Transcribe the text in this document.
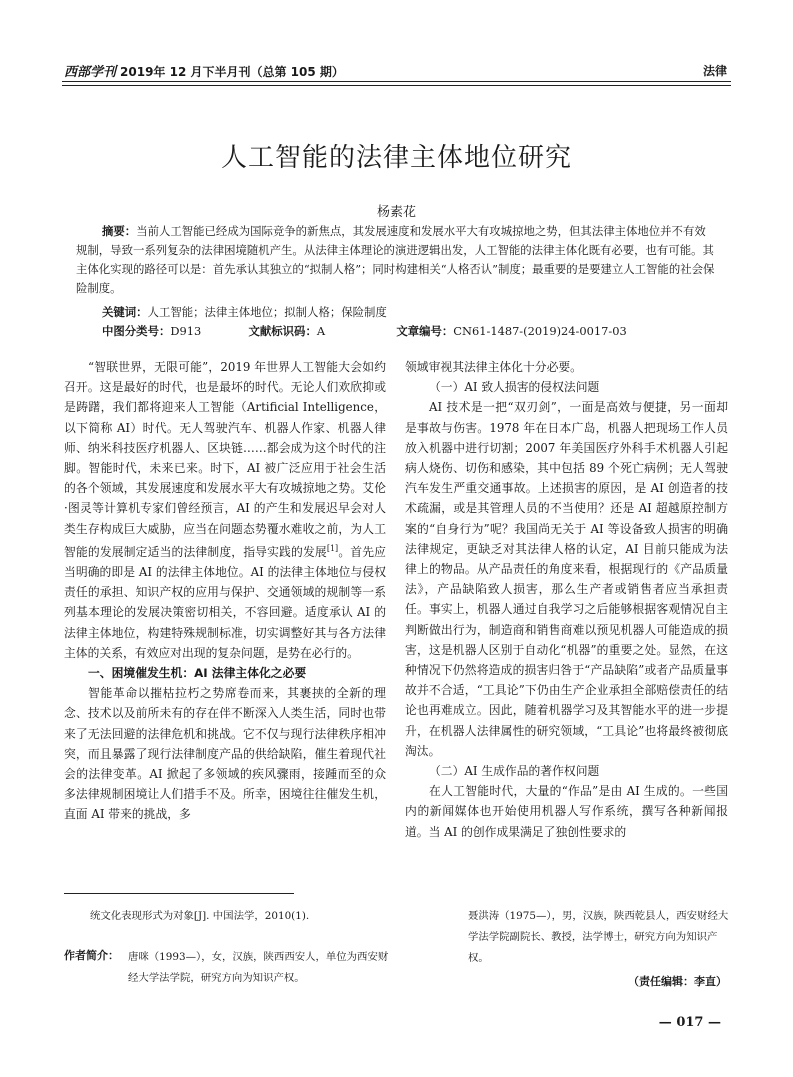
西部学刊 2019年 12 月下半月刊（总第 105 期）	法律
人工智能的法律主体地位研究
杨素花
摘要：当前人工智能已经成为国际竞争的新焦点，其发展速度和发展水平大有攻城掠地之势，但其法律主体地位并不有效规制，导致一系列复杂的法律困境随机产生。从法律主体理论的演进逻辑出发，人工智能的法律主体化既有必要，也有可能。其主体化实现的路径可以是：首先承认其独立的“拟制人格”；同时构建相关“人格否认”制度；最重要的是要建立人工智能的社会保险制度。
关键词：人工智能；法律主体地位；拟制人格；保险制度
中图分类号：D913	文献标识码：A	文章编号：CN61-1487-(2019)24-0017-03

“智联世界，无限可能”，2019 年世界人工智能大会如约召开。这是最好的时代，也是最坏的时代。无论人们欢欣抑或是踌躇，我们都将迎来人工智能（Artificial Intelligence，以下简称 AI）时代。无人驾驶汽车、机器人作家、机器人律师、纳米科技医疗机器人、区块链……都会成为这个时代的注脚。智能时代，未来已来。时下，AI 被广泛应用于社会生活的各个领域，其发展速度和发展水平大有攻城掠地之势。艾伦·图灵等计算机专家们曾经预言，AI 的产生和发展迟早会对人类生存构成巨大威胁，应当在问题态势覆水难收之前，为人工智能的发展制定适当的法律制度，指导实践的发展[1]。首先应当明确的即是 AI 的法律主体地位。AI 的法律主体地位与侵权责任的承担、知识产权的应用与保护、交通领域的规制等一系列基本理论的发展决策密切相关，不容回避。适度承认 AI 的法律主体地位，构建特殊规制标准，切实调整好其与各方法律主体的关系，有效应对出现的复杂问题，是势在必行的。

一、困境催发生机：AI 法律主体化之必要

智能革命以摧枯拉朽之势席卷而来，其裹挟的全新的理念、技术以及前所未有的存在伴不断深入人类生活，同时也带来了无法回避的法律危机和挑战。它不仅与现行法律秩序相冲突，而且暴露了现行法律制度产品的供给缺陷，催生着现代社会的法律变革。AI 掀起了多领域的疾风骤雨，接踵而至的众多法律规制困境让人们措手不及。所幸，困境往往催发生机，直面 AI 带来的挑战，多

领域审视其法律主体化十分必要。

（一）AI 致人损害的侵权法问题

AI 技术是一把“双刃剑”，一面是高效与便捷，另一面却是事故与伤害。1978 年在日本广岛，机器人把现场工作人员放入机器中进行切割；2007 年美国医疗外科手术机器人引起病人烧伤、切伤和感染，其中包括 89 个死亡病例；无人驾驶汽车发生严重交通事故。上述损害的原因，是 AI 创造者的技术疏漏，或是其管理人员的不当使用？还是 AI 超越原控制方案的“自身行为”呢？我国尚无关于 AI 等设备致人损害的明确法律规定，更缺乏对其法律人格的认定，AI 目前只能成为法律上的物品。从产品责任的角度来看，根据现行的《产品质量法》，产品缺陷致人损害，那么生产者或销售者应当承担责任。事实上，机器人通过自我学习之后能够根据客观情况自主判断做出行为，制造商和销售商难以预见机器人可能造成的损害，这是机器人区别于自动化“机器”的重要之处。显然，在这种情况下仍然将造成的损害归咎于“产品缺陷”或者产品质量事故并不合适，“工具论”下仍由生产企业承担全部赔偿责任的结论也再难成立。因此，随着机器学习及其智能水平的进一步提升，在机器人法律属性的研究领域，“工具论”也将最终被彻底淘汰。

（二）AI 生成作品的著作权问题

在人工智能时代，大量的“作品”是由 AI 生成的。一些国内的新闻媒体也开始使用机器人写作系统，撰写各种新闻报道。当 AI 的创作成果满足了独创性要求的

统文化表现形式为对象[J]. 中国法学，2010(1).
作者简介： 唐咪（1993—），女，汉族，陕西西安人，单位为西安财经大学法学院，研究方向为知识产权。
聂洪涛（1975—），男，汉族，陕西乾县人，西安财经大学法学院副院长、教授，法学博士，研究方向为知识产权。
（责任编辑：李直）
— 017 —
